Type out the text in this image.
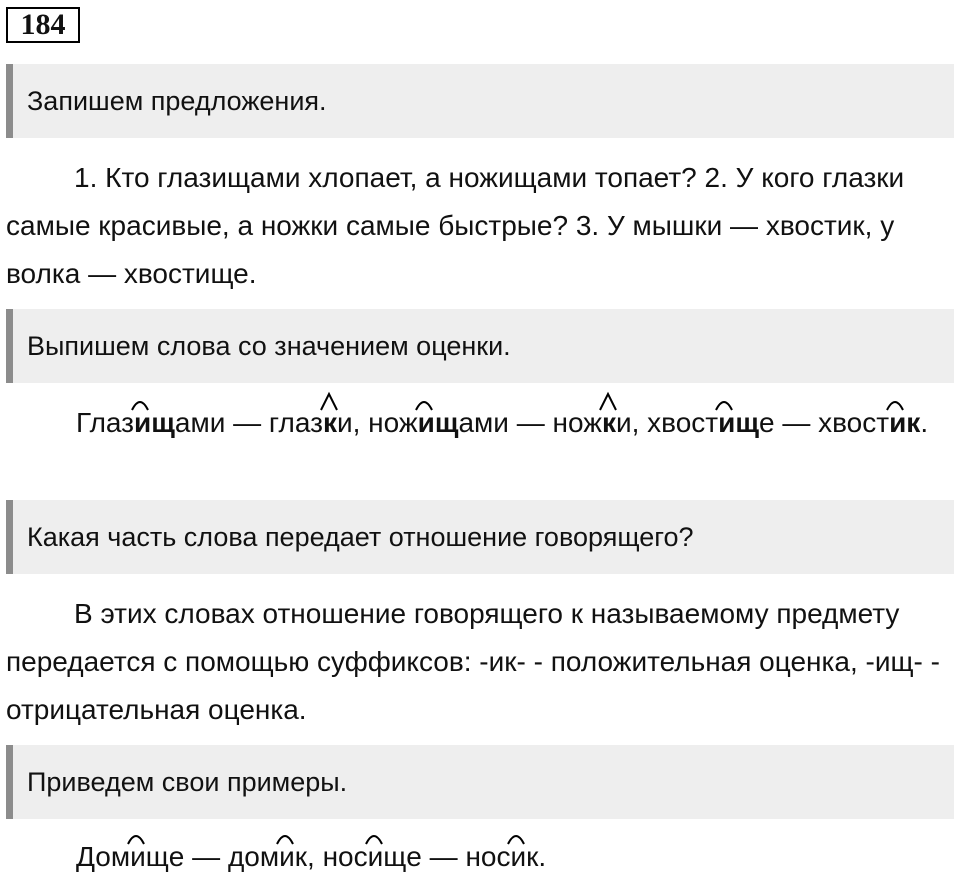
184
Запишем предложения.

1. Кто глазищами хлопает, а ножищами топает? 2. У кого глазки самые красивые, а ножки самые быстрые? 3. У мышки — хвостик, у волка — хвостище.

Выпишем слова со значением оценки.

Глаз
ищами — глаз
ки, нож
ищами — нож
ки, хвост
ище — хвост
ик.

Какая часть слова передает отношение говорящего?

В этих словах отношение говорящего к называемому предмету передается с помощью суффиксов: -ик- - положительная оценка, -ищ- - отрицательная оценка.

Приведем свои примеры.

Дом
ище — дом
ик, нос
ище — нос
ик.
